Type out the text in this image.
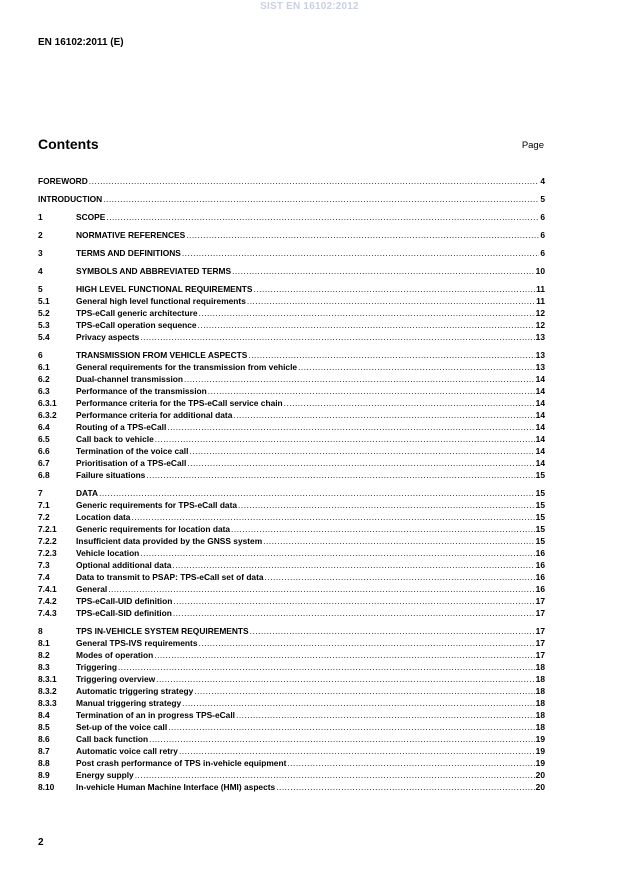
SIST EN 16102:2012
EN 16102:2011 (E)
Contents	Page
FOREWORD .....	4
INTRODUCTION .....	5
1	SCOPE .....	6
2	NORMATIVE REFERENCES .....	6
3	TERMS AND DEFINITIONS .....	6
4	SYMBOLS AND ABBREVIATED TERMS .....	10
5	HIGH LEVEL FUNCTIONAL REQUIREMENTS .....	11
5.1	General high level functional requirements .....	11
5.2	TPS-eCall generic architecture .....	12
5.3	TPS-eCall operation sequence .....	12
5.4	Privacy aspects .....	13
6	TRANSMISSION FROM VEHICLE ASPECTS .....	13
6.1	General requirements for the transmission from vehicle .....	13
6.2	Dual-channel transmission .....	14
6.3	Performance of the transmission .....	14
6.3.1	Performance criteria for the TPS-eCall service chain .....	14
6.3.2	Performance criteria for additional data .....	14
6.4	Routing of a TPS-eCall .....	14
6.5	Call back to vehicle .....	14
6.6	Termination of the voice call .....	14
6.7	Prioritisation of a TPS-eCall .....	14
6.8	Failure situations .....	15
7	DATA .....	15
7.1	Generic requirements for TPS-eCall data .....	15
7.2	Location data .....	15
7.2.1	Generic requirements for location data .....	15
7.2.2	Insufficient data provided by the GNSS system .....	15
7.2.3	Vehicle location .....	16
7.3	Optional additional data .....	16
7.4	Data to transmit to PSAP: TPS-eCall set of data .....	16
7.4.1	General .....	16
7.4.2	TPS-eCall-UID definition .....	17
7.4.3	TPS-eCall-SID definition .....	17
8	TPS IN-VEHICLE SYSTEM REQUIREMENTS .....	17
8.1	General TPS-IVS requirements .....	17
8.2	Modes of operation .....	17
8.3	Triggering .....	18
8.3.1	Triggering overview .....	18
8.3.2	Automatic triggering strategy .....	18
8.3.3	Manual triggering strategy .....	18
8.4	Termination of an in progress TPS-eCall .....	18
8.5	Set-up of the voice call .....	18
8.6	Call back function .....	19
8.7	Automatic voice call retry .....	19
8.8	Post crash performance of TPS in-vehicle equipment .....	19
8.9	Energy supply .....	20
8.10	In-vehicle Human Machine Interface (HMI) aspects .....	20
2
